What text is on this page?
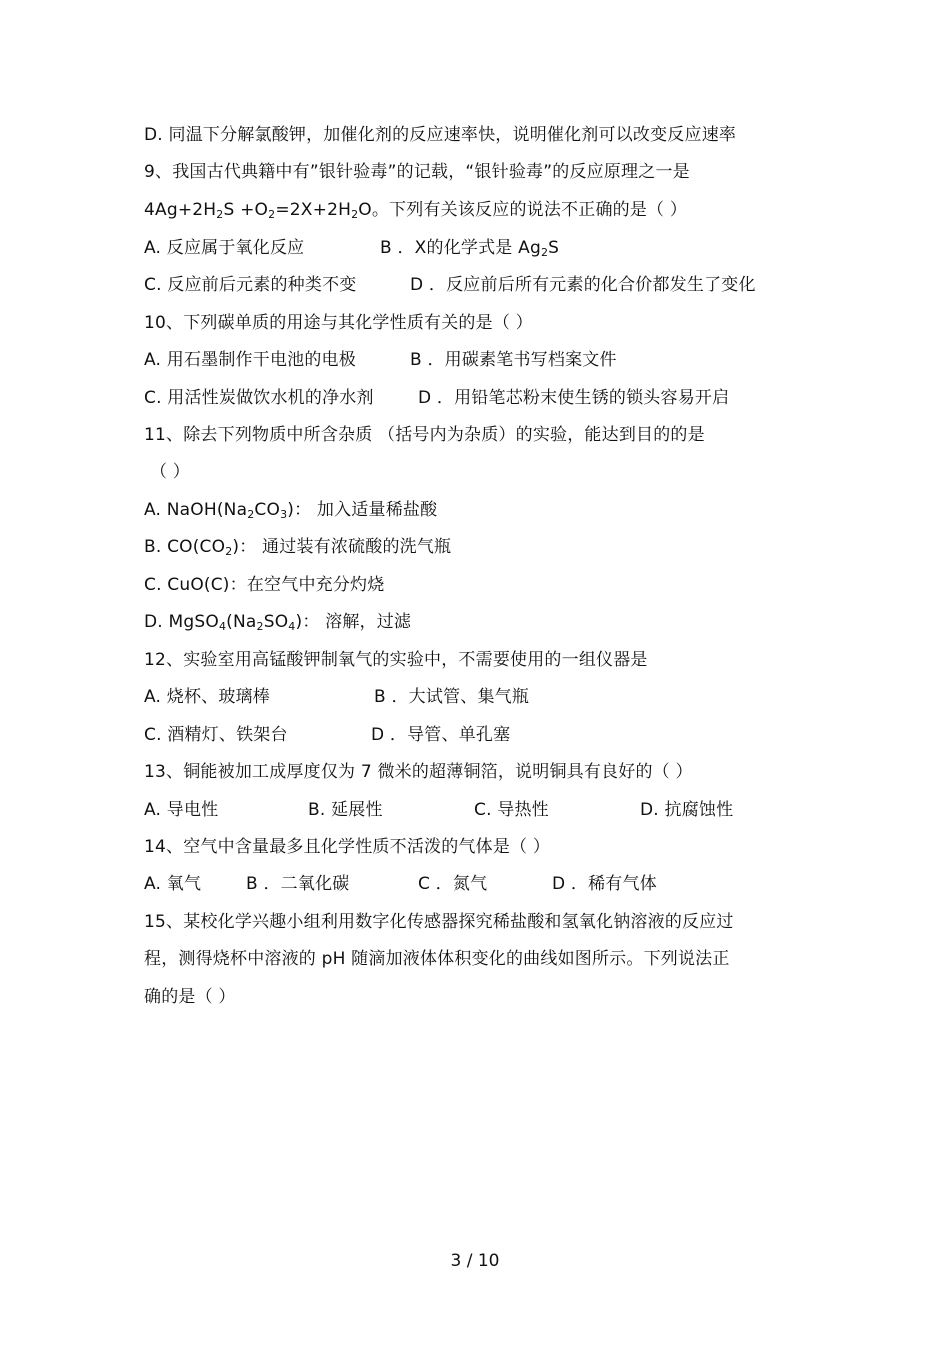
D. 同温下分解氯酸钾，加催化剂的反应速率快，说明催化剂可以改变反应速率
9、我国古代典籍中有”银针验毒”的记载，“银针验毒”的反应原理之一是
$4Ag+2H_2S +O_2=2X+2H_2O$。下列有关该反应的说法不正确的是（ ）
A. 反应属于氧化反应	B ．X的化学式是 $Ag_2S$
C. 反应前后元素的种类不变	D ．反应前后所有元素的化合价都发生了变化
10、下列碳单质的用途与其化学性质有关的是（ ）
A. 用石墨制作干电池的电极	B ．用碳素笔书写档案文件
C. 用活性炭做饮水机的净水剂	D ．用铅笔芯粉末使生锈的锁头容易开启
11、除去下列物质中所含杂质 （括号内为杂质）的实验，能达到目的的是
（ ）
A. $NaOH(Na_2CO_3)$： 加入适量稀盐酸
B. $CO(CO_2)$： 通过装有浓硫酸的洗气瓶
C. CuO(C)：在空气中充分灼烧
D. $MgSO_4(Na_2SO_4)$： 溶解，过滤
12、实验室用高锰酸钾制氧气的实验中，不需要使用的一组仪器是
A. 烧杯、玻璃棒	B ．大试管、集气瓶
C. 酒精灯、铁架台	D ．导管、单孔塞
13、铜能被加工成厚度仅为 7 微米的超薄铜箔，说明铜具有良好的（ ）
A. 导电性	B. 延展性	C. 导热性	D. 抗腐蚀性
14、空气中含量最多且化学性质不活泼的气体是（ ）
A. 氧气	B ．二氧化碳	C ．氮气	D ．稀有气体
15、某校化学兴趣小组利用数字化传感器探究稀盐酸和氢氧化钠溶液的反应过
程，测得烧杯中溶液的 pH 随滴加液体体积变化的曲线如图所示。下列说法正
确的是（ ）
3 / 10
